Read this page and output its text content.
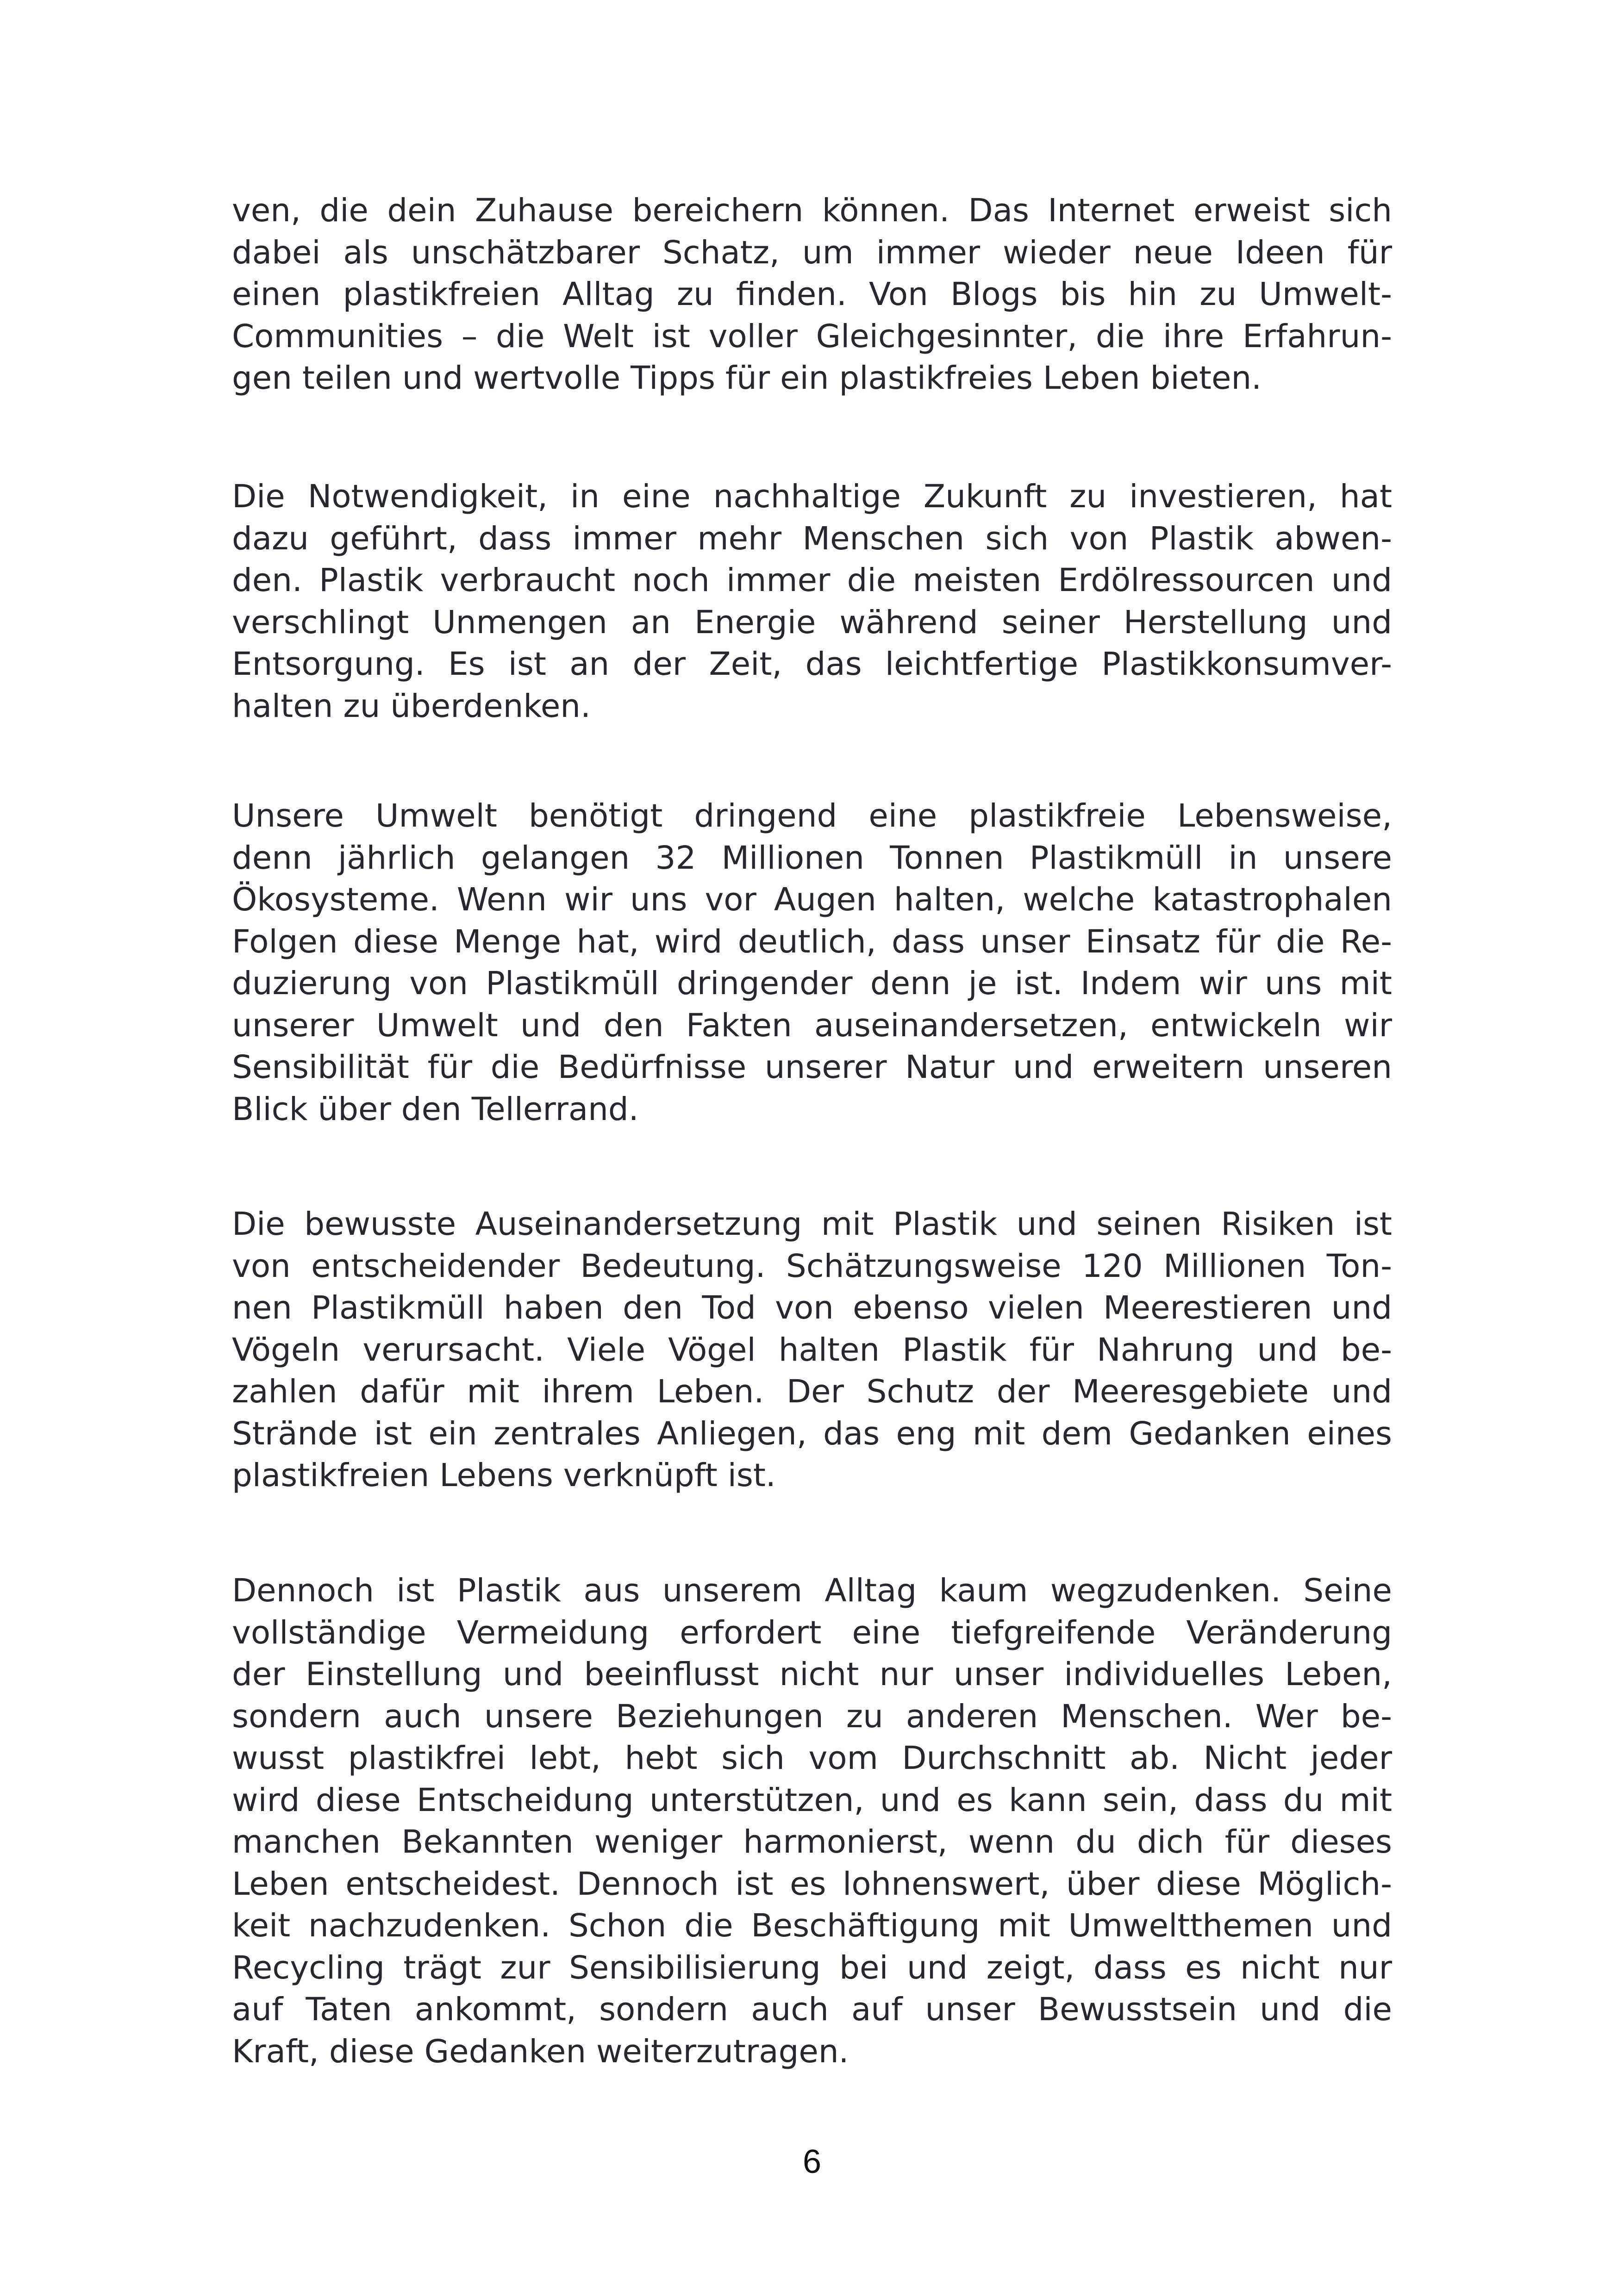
ven, die dein Zuhause bereichern können. Das Internet erweist sich
dabei als unschätzbarer Schatz, um immer wieder neue Ideen für
einen plastikfreien Alltag zu finden. Von Blogs bis hin zu Umwelt-
Communities – die Welt ist voller Gleichgesinnter, die ihre Erfahrun-
gen teilen und wertvolle Tipps für ein plastikfreies Leben bieten.
Die Notwendigkeit, in eine nachhaltige Zukunft zu investieren, hat
dazu geführt, dass immer mehr Menschen sich von Plastik abwen-
den. Plastik verbraucht noch immer die meisten Erdölressourcen und
verschlingt Unmengen an Energie während seiner Herstellung und
Entsorgung. Es ist an der Zeit, das leichtfertige Plastikkonsumver-
halten zu überdenken.
Unsere Umwelt benötigt dringend eine plastikfreie Lebensweise,
denn jährlich gelangen 32 Millionen Tonnen Plastikmüll in unsere
Ökosysteme. Wenn wir uns vor Augen halten, welche katastrophalen
Folgen diese Menge hat, wird deutlich, dass unser Einsatz für die Re-
duzierung von Plastikmüll dringender denn je ist. Indem wir uns mit
unserer Umwelt und den Fakten auseinandersetzen, entwickeln wir
Sensibilität für die Bedürfnisse unserer Natur und erweitern unseren
Blick über den Tellerrand.
Die bewusste Auseinandersetzung mit Plastik und seinen Risiken ist
von entscheidender Bedeutung. Schätzungsweise 120 Millionen Ton-
nen Plastikmüll haben den Tod von ebenso vielen Meerestieren und
Vögeln verursacht. Viele Vögel halten Plastik für Nahrung und be-
zahlen dafür mit ihrem Leben. Der Schutz der Meeresgebiete und
Strände ist ein zentrales Anliegen, das eng mit dem Gedanken eines
plastikfreien Lebens verknüpft ist.
Dennoch ist Plastik aus unserem Alltag kaum wegzudenken. Seine
vollständige Vermeidung erfordert eine tiefgreifende Veränderung
der Einstellung und beeinflusst nicht nur unser individuelles Leben,
sondern auch unsere Beziehungen zu anderen Menschen. Wer be-
wusst plastikfrei lebt, hebt sich vom Durchschnitt ab. Nicht jeder
wird diese Entscheidung unterstützen, und es kann sein, dass du mit
manchen Bekannten weniger harmonierst, wenn du dich für dieses
Leben entscheidest. Dennoch ist es lohnenswert, über diese Möglich-
keit nachzudenken. Schon die Beschäftigung mit Umweltthemen und
Recycling trägt zur Sensibilisierung bei und zeigt, dass es nicht nur
auf Taten ankommt, sondern auch auf unser Bewusstsein und die
Kraft, diese Gedanken weiterzutragen.
6
